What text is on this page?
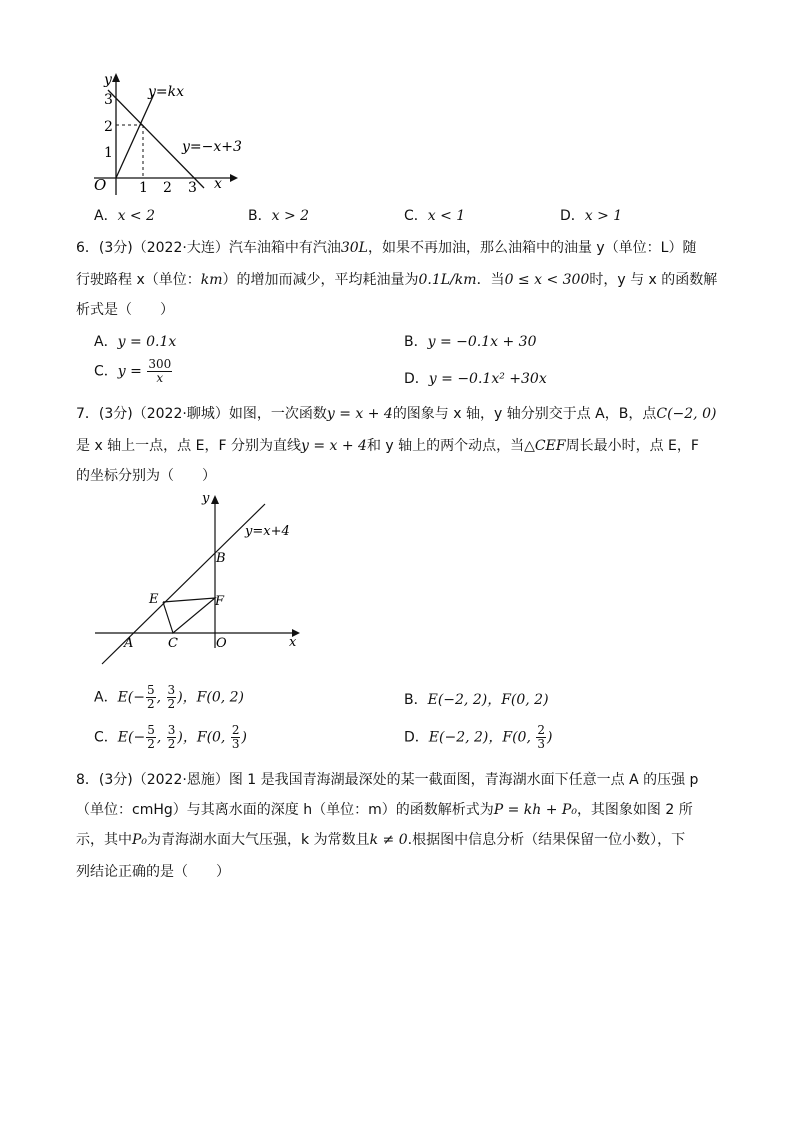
y
x
O
3
2
1
1 2 3
y=kx
y=−x+3
A．x < 2	B．x > 2	C．x < 1	D．x > 1
6．(3分)（2022·大连）汽车油箱中有汽油30L，如果不再加油，那么油箱中的油量 y（单位：L）随
行驶路程 x（单位：km）的增加而减少，平均耗油量为0.1L/km．当0 ≤ x < 300时，y 与 x 的函数解
析式是（　　）
A．y = 0.1x	B．y = −0.1x + 30
C．$y = \frac{300}{x}$	D．y = −0.1x² +30x
7．(3分)（2022·聊城）如图，一次函数y = x + 4的图象与 x 轴，y 轴分别交于点 A，B，点C(−2, 0)
是 x 轴上一点，点 E，F 分别为直线y = x + 4和 y 轴上的两个动点，当△CEF周长最小时，点 E，F
的坐标分别为（　　）
y
x
y=x+4
B
E	F
A	C	O
A．$E(- \frac{5}{2}$ , $\frac{3}{2}$ )，F(0, 2)	B．E(−2, 2)，F(0, 2)
C．$E(- \frac{5}{2}$ , $\frac{3}{2}$ )，F(0, $\frac{2}{3}$ )	D．E(−2, 2)，F(0, $\frac{2}{3}$ )
8．(3分)（2022·恩施）图 1 是我国青海湖最深处的某一截面图，青海湖水面下任意一点 A 的压强 p
（单位：cmHg）与其离水面的深度 h（单位：m）的函数解析式为P = kh + P₀，其图象如图 2 所
示，其中P₀为青海湖水面大气压强，k 为常数且k ≠ 0.根据图中信息分析（结果保留一位小数），下
列结论正确的是（　　）
